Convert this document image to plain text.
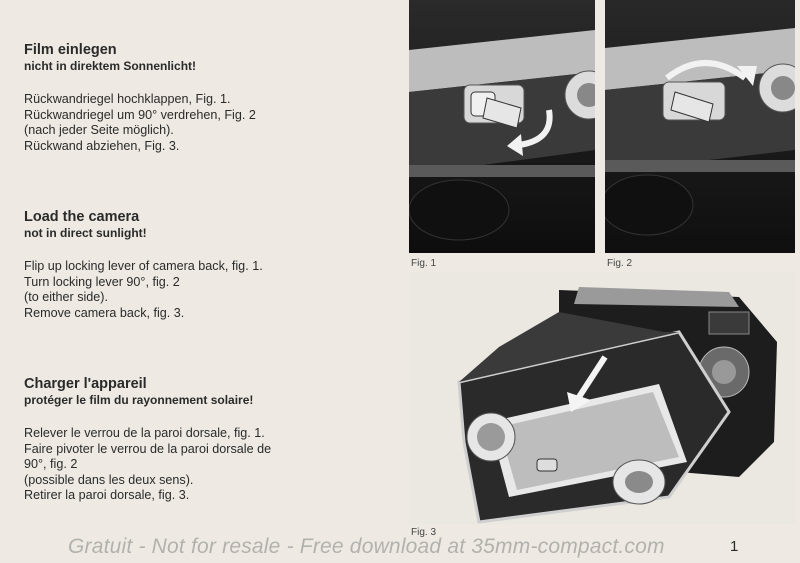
Film einlegen
nicht in direktem Sonnenlicht!
Rückwandriegel hochklappen, Fig. 1.
Rückwandriegel um 90° verdrehen, Fig. 2
(nach jeder Seite möglich).
Rückwand abziehen, Fig. 3.
Load the camera
not in direct sunlight!
Flip up locking lever of camera back, fig. 1.
Turn locking lever 90°, fig. 2
(to either side).
Remove camera back, fig. 3.
Charger l'appareil
protéger le film du rayonnement solaire!
Relever le verrou de la paroi dorsale, fig. 1.
Faire pivoter le verrou de la paroi dorsale de
90°, fig. 2
(possible dans les deux sens).
Retirer la paroi dorsale, fig. 3.
Fig. 1	Fig. 2
Fig. 3
Gratuit - Not for resale - Free download at 35mm-compact.com	1
